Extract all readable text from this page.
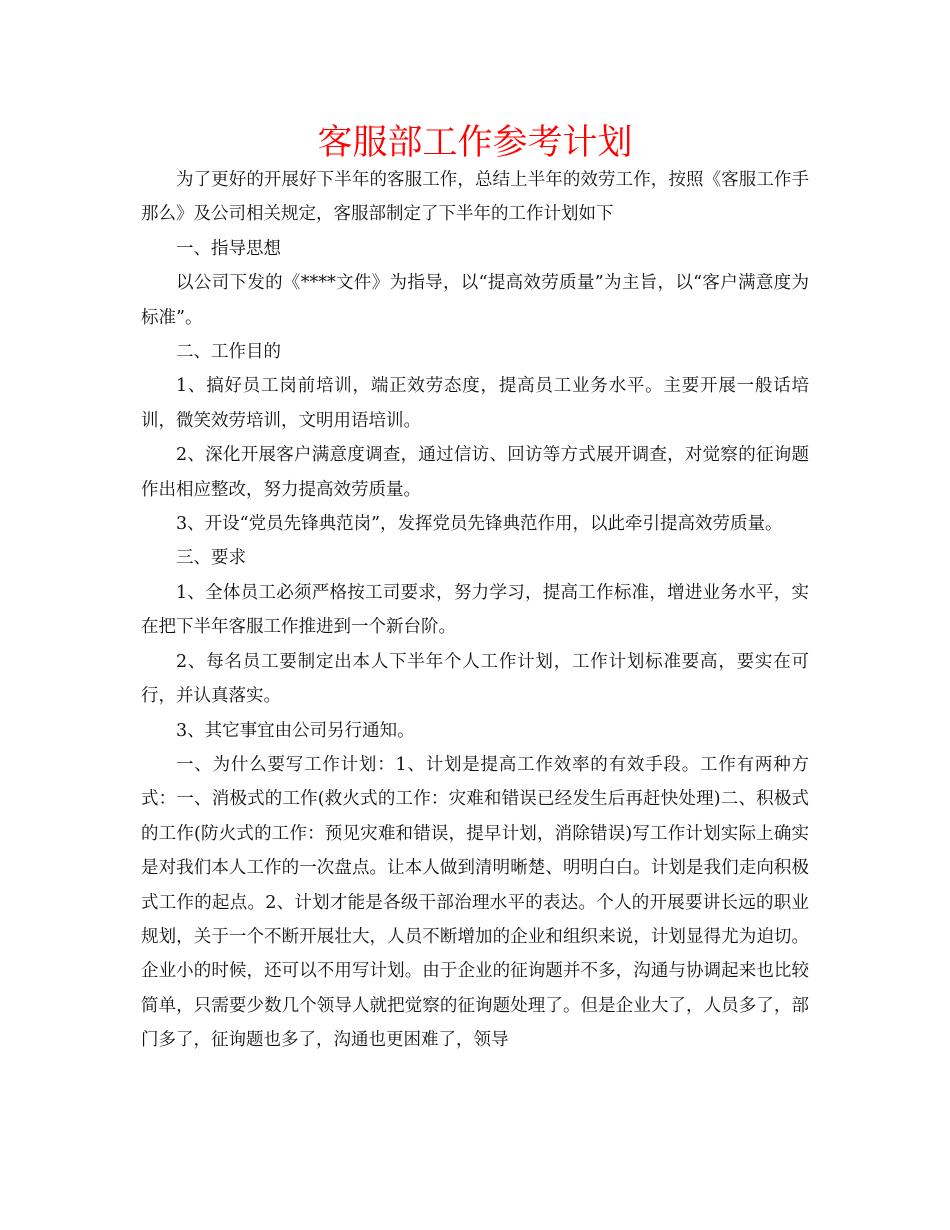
客服部工作参考计划

为了更好的开展好下半年的客服工作，总结上半年的效劳工作，按照《客服工作手那么》及公司相关规定，客服部制定了下半年的工作计划如下

一、指导思想

以公司下发的《****文件》为指导，以“提高效劳质量”为主旨，以“客户满意度为标准”。

二、工作目的

1、搞好员工岗前培训，端正效劳态度，提高员工业务水平。主要开展一般话培训，微笑效劳培训，文明用语培训。

2、深化开展客户满意度调查，通过信访、回访等方式展开调查，对觉察的征询题作出相应整改，努力提高效劳质量。

3、开设“党员先锋典范岗”，发挥党员先锋典范作用，以此牵引提高效劳质量。

三、要求

1、全体员工必须严格按工司要求，努力学习，提高工作标准，增进业务水平，实在把下半年客服工作推进到一个新台阶。

2、每名员工要制定出本人下半年个人工作计划，工作计划标准要高，要实在可行，并认真落实。

3、其它事宜由公司另行通知。

一、为什么要写工作计划：1、计划是提高工作效率的有效手段。工作有两种方式：一、消极式的工作(救火式的工作：灾难和错误已经发生后再赶快处理)二、积极式的工作(防火式的工作：预见灾难和错误，提早计划，消除错误)写工作计划实际上确实是对我们本人工作的一次盘点。让本人做到清明晰楚、明明白白。计划是我们走向积极式工作的起点。2、计划才能是各级干部治理水平的表达。个人的开展要讲长远的职业规划，关于一个不断开展壮大，人员不断增加的企业和组织来说，计划显得尤为迫切。企业小的时候，还可以不用写计划。由于企业的征询题并不多，沟通与协调起来也比较简单，只需要少数几个领导人就把觉察的征询题处理了。但是企业大了，人员多了，部门多了，征询题也多了，沟通也更困难了，领导
